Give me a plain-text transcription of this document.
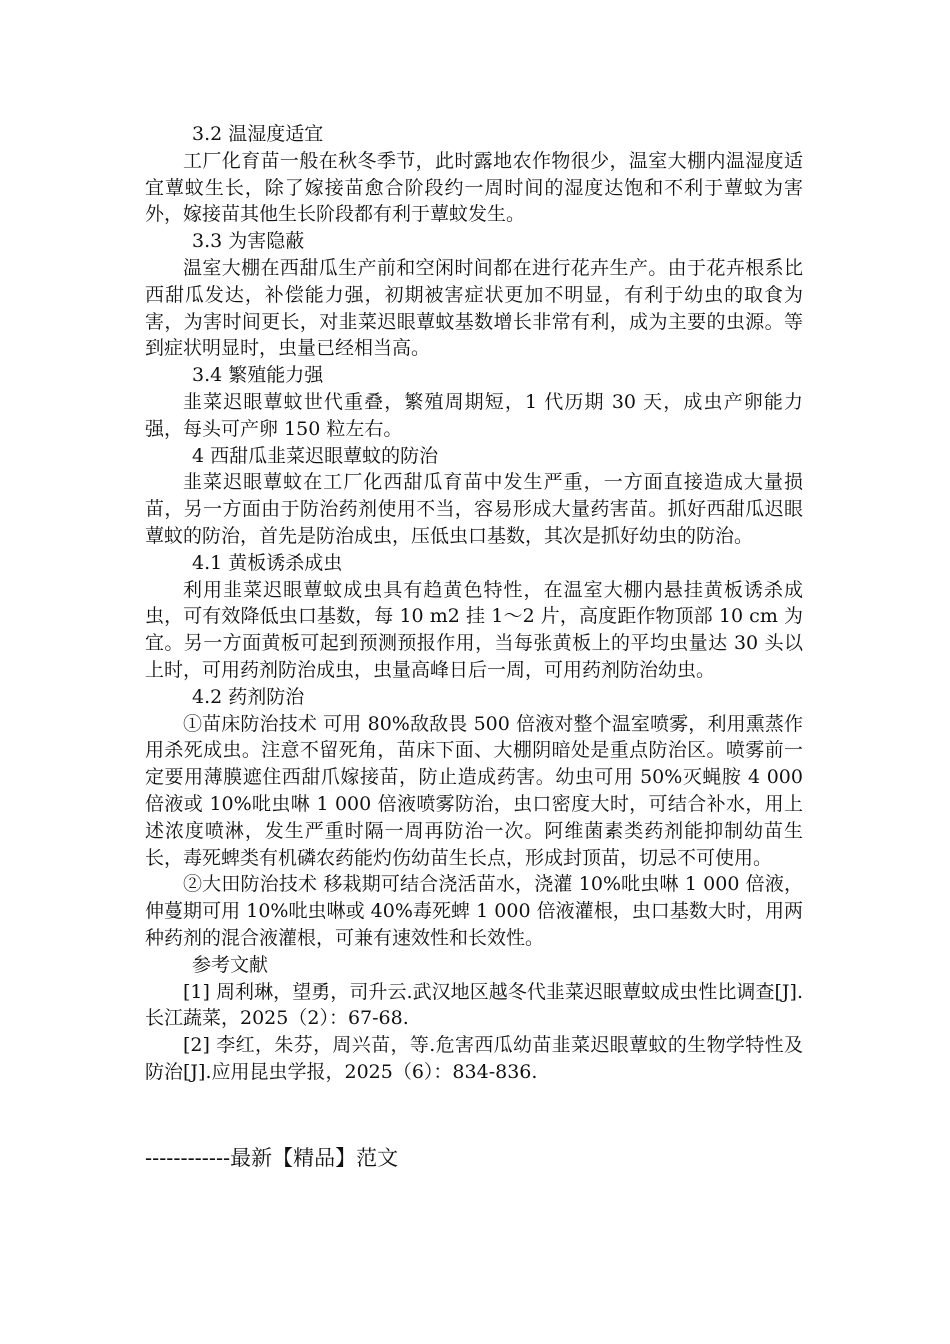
3.2 温湿度适宜

工厂化育苗一般在秋冬季节，此时露地农作物很少，温室大棚内温湿度适宜蕈蚊生长，除了嫁接苗愈合阶段约一周时间的湿度达饱和不利于蕈蚊为害外，嫁接苗其他生长阶段都有利于蕈蚊发生。

3.3 为害隐蔽

温室大棚在西甜瓜生产前和空闲时间都在进行花卉生产。由于花卉根系比西甜瓜发达，补偿能力强，初期被害症状更加不明显，有利于幼虫的取食为害，为害时间更长，对韭菜迟眼蕈蚊基数增长非常有利，成为主要的虫源。等到症状明显时，虫量已经相当高。

3.4 繁殖能力强

韭菜迟眼蕈蚊世代重叠，繁殖周期短，1 代历期 30 天，成虫产卵能力强，每头可产卵 150 粒左右。

4 西甜瓜韭菜迟眼蕈蚊的防治

韭菜迟眼蕈蚊在工厂化西甜瓜育苗中发生严重，一方面直接造成大量损苗，另一方面由于防治药剂使用不当，容易形成大量药害苗。抓好西甜瓜迟眼蕈蚊的防治，首先是防治成虫，压低虫口基数，其次是抓好幼虫的防治。

4.1 黄板诱杀成虫

利用韭菜迟眼蕈蚊成虫具有趋黄色特性，在温室大棚内悬挂黄板诱杀成虫，可有效降低虫口基数，每 10 m2 挂 1～2 片，高度距作物顶部 10 cm 为宜。另一方面黄板可起到预测预报作用，当每张黄板上的平均虫量达 30 头以上时，可用药剂防治成虫，虫量高峰日后一周，可用药剂防治幼虫。

4.2 药剂防治

①苗床防治技术 可用 80%敌敌畏 500 倍液对整个温室喷雾，利用熏蒸作用杀死成虫。注意不留死角，苗床下面、大棚阴暗处是重点防治区。喷雾前一定要用薄膜遮住西甜爪嫁接苗，防止造成药害。幼虫可用 50%灭蝇胺 4 000 倍液或 10%吡虫啉 1 000 倍液喷雾防治，虫口密度大时，可结合补水，用上述浓度喷淋，发生严重时隔一周再防治一次。阿维菌素类药剂能抑制幼苗生长，毒死蜱类有机磷农药能灼伤幼苗生长点，形成封顶苗，切忌不可使用。

②大田防治技术 移栽期可结合浇活苗水，浇灌 10%吡虫啉 1 000 倍液，伸蔓期可用 10%吡虫啉或 40%毒死蜱 1 000 倍液灌根，虫口基数大时，用两种药剂的混合液灌根，可兼有速效性和长效性。

参考文献

[1] 周利琳，望勇，司升云.武汉地区越冬代韭菜迟眼蕈蚊成虫性比调查[J].长江蔬菜，2025（2）：67-68.

[2] 李红，朱芬，周兴苗，等.危害西瓜幼苗韭菜迟眼蕈蚊的生物学特性及防治[J].应用昆虫学报，2025（6）：834-836.

------------最新【精品】范文
